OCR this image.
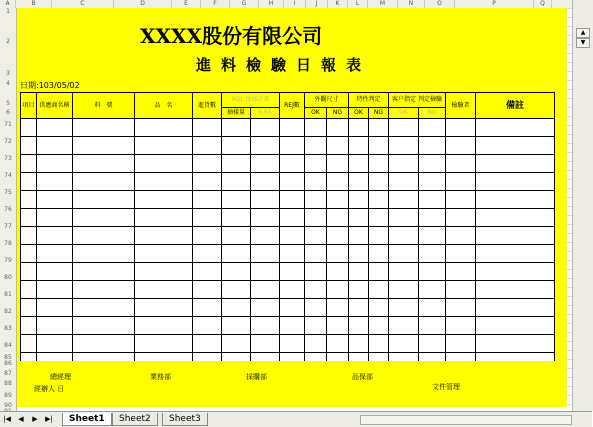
A	B	C	D	E	F	G	H	I	J	K	L	M	N	O	P	Q
1
2
3
4
5
6
71
72
73
74
75
76
77
78
79
80
81
82
83
84
85
86
87
88
89
90
XXXX股份有限公司
進料檢驗日報表
日期:103/05/02
項目	供應商名稱	料　號	品　名	進貨數	AQL 抽樣計畫		REJ數	外觀尺寸		特性判定		客户指定 判定檢驗		檢驗者	備註
					抽樣量	0.65		OK	NG	OK	NG	OK	NG		

總經理
經辦人 日
業務部	採購部	品保部
文件管理
▲
▼
|◀	◀	▶	▶|	Sheet1	Sheet2	Sheet3
